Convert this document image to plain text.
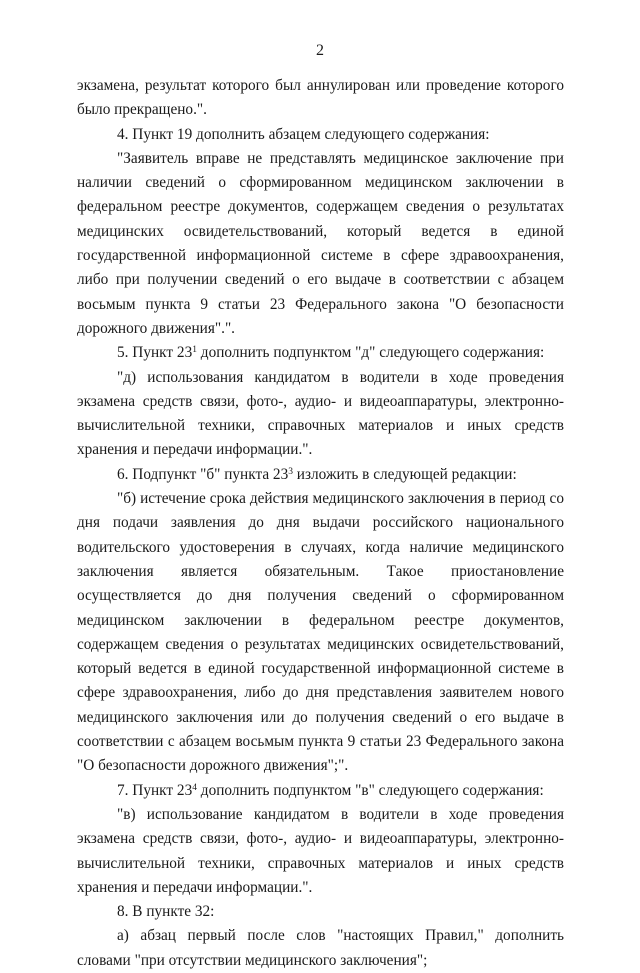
2

экзамена, результат которого был аннулирован или проведение которого было прекращено.".

4. Пункт 19 дополнить абзацем следующего содержания:

"Заявитель вправе не представлять медицинское заключение при наличии сведений о сформированном медицинском заключении в федеральном реестре документов, содержащем сведения о результатах медицинских освидетельствований, который ведется в единой государственной информационной системе в сфере здравоохранения, либо при получении сведений о его выдаче в соответствии с абзацем восьмым пункта 9 статьи 23 Федерального закона "О безопасности дорожного движения".".

5. Пункт $23^1$ дополнить подпунктом "д" следующего содержания:

"д) использования кандидатом в водители в ходе проведения экзамена средств связи, фото-, аудио- и видеоаппаратуры, электронно-вычислительной техники, справочных материалов и иных средств хранения и передачи информации.".

6. Подпункт "б" пункта $23^3$ изложить в следующей редакции:

"б) истечение срока действия медицинского заключения в период со дня подачи заявления до дня выдачи российского национального водительского удостоверения в случаях, когда наличие медицинского заключения является обязательным. Такое приостановление осуществляется до дня получения сведений о сформированном медицинском заключении в федеральном реестре документов, содержащем сведения о результатах медицинских освидетельствований, который ведется в единой государственной информационной системе в сфере здравоохранения, либо до дня представления заявителем нового медицинского заключения или до получения сведений о его выдаче в соответствии с абзацем восьмым пункта 9 статьи 23 Федерального закона "О безопасности дорожного движения";".

7. Пункт $23^4$ дополнить подпунктом "в" следующего содержания:

"в) использование кандидатом в водители в ходе проведения экзамена средств связи, фото-, аудио- и видеоаппаратуры, электронно-вычислительной техники, справочных материалов и иных средств хранения и передачи информации.".

8. В пункте 32:

а) абзац первый после слов "настоящих Правил," дополнить словами "при отсутствии медицинского заключения";
